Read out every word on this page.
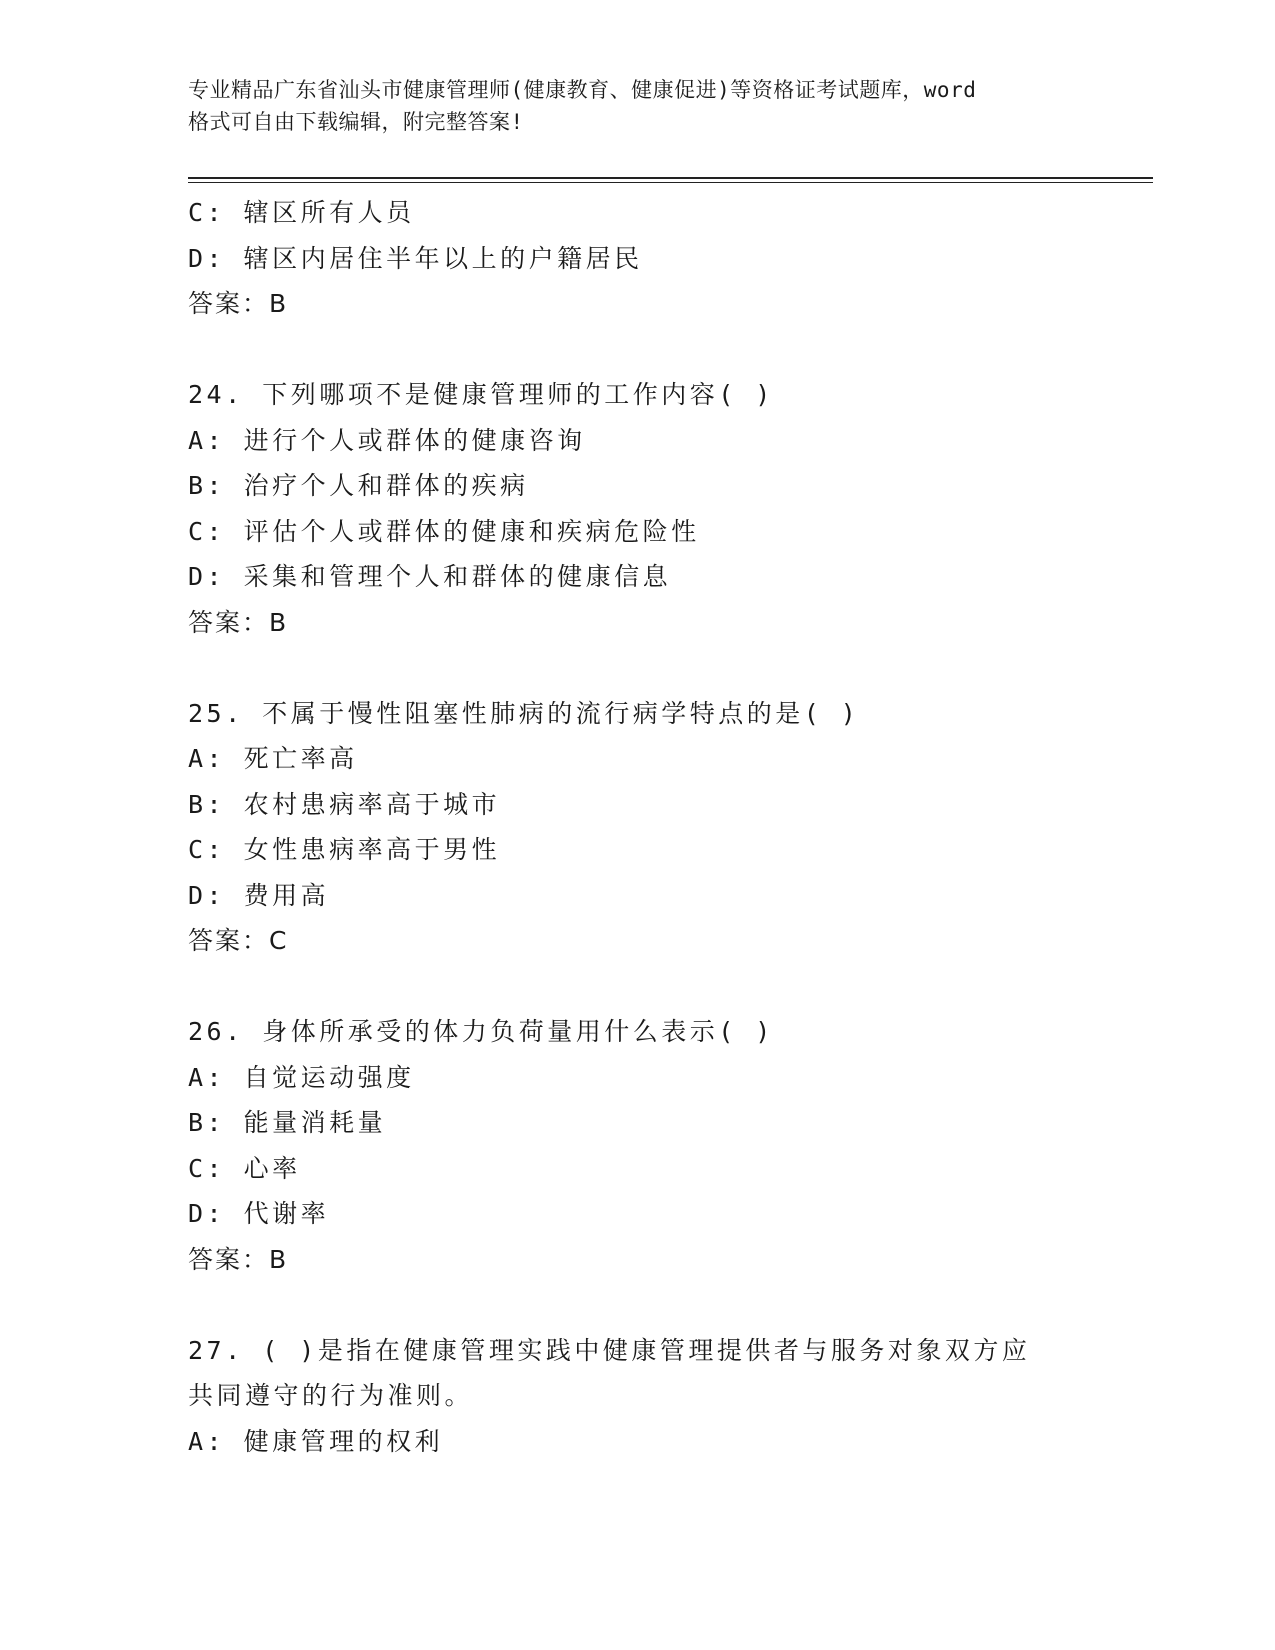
专业精品广东省汕头市健康管理师(健康教育、健康促进)等资格证考试题库，word
格式可自由下载编辑，附完整答案!
C: 辖区所有人员
D: 辖区内居住半年以上的户籍居民
答案：B
24. 下列哪项不是健康管理师的工作内容( )
A: 进行个人或群体的健康咨询
B: 治疗个人和群体的疾病
C: 评估个人或群体的健康和疾病危险性
D: 采集和管理个人和群体的健康信息
答案：B
25. 不属于慢性阻塞性肺病的流行病学特点的是( )
A: 死亡率高
B: 农村患病率高于城市
C: 女性患病率高于男性
D: 费用高
答案：C
26. 身体所承受的体力负荷量用什么表示( )
A: 自觉运动强度
B: 能量消耗量
C: 心率
D: 代谢率
答案：B
27. ( )是指在健康管理实践中健康管理提供者与服务对象双方应
共同遵守的行为准则。
A: 健康管理的权利
